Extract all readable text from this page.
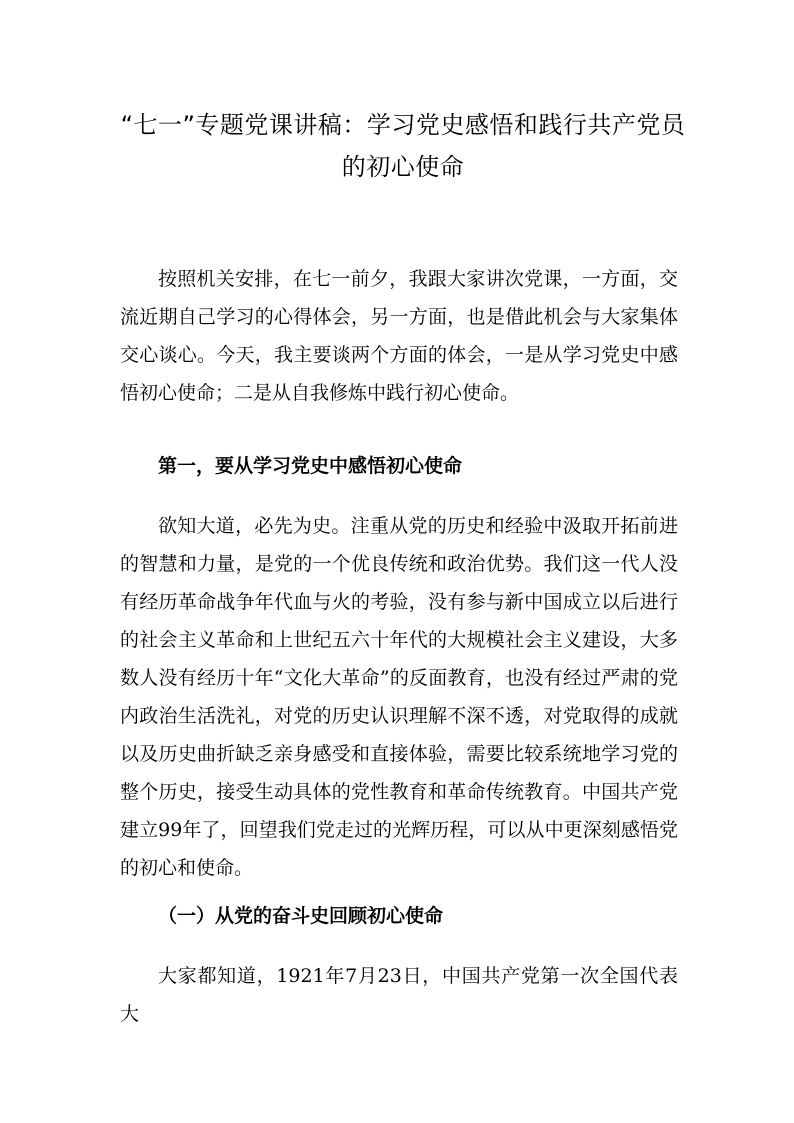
“七一”专题党课讲稿：学习党史感悟和践行共产党员的初心使命

按照机关安排，在七一前夕，我跟大家讲次党课，一方面，交流近期自己学习的心得体会，另一方面，也是借此机会与大家集体交心谈心。今天，我主要谈两个方面的体会，一是从学习党史中感悟初心使命；二是从自我修炼中践行初心使命。

第一，要从学习党史中感悟初心使命

欲知大道，必先为史。注重从党的历史和经验中汲取开拓前进的智慧和力量，是党的一个优良传统和政治优势。我们这一代人没有经历革命战争年代血与火的考验，没有参与新中国成立以后进行的社会主义革命和上世纪五六十年代的大规模社会主义建设，大多数人没有经历十年“文化大革命”的反面教育，也没有经过严肃的党内政治生活洗礼，对党的历史认识理解不深不透，对党取得的成就以及历史曲折缺乏亲身感受和直接体验，需要比较系统地学习党的整个历史，接受生动具体的党性教育和革命传统教育。中国共产党建立99年了，回望我们党走过的光辉历程，可以从中更深刻感悟党的初心和使命。

（一）从党的奋斗史回顾初心使命

大家都知道，1921年7月23日，中国共产党第一次全国代表大
